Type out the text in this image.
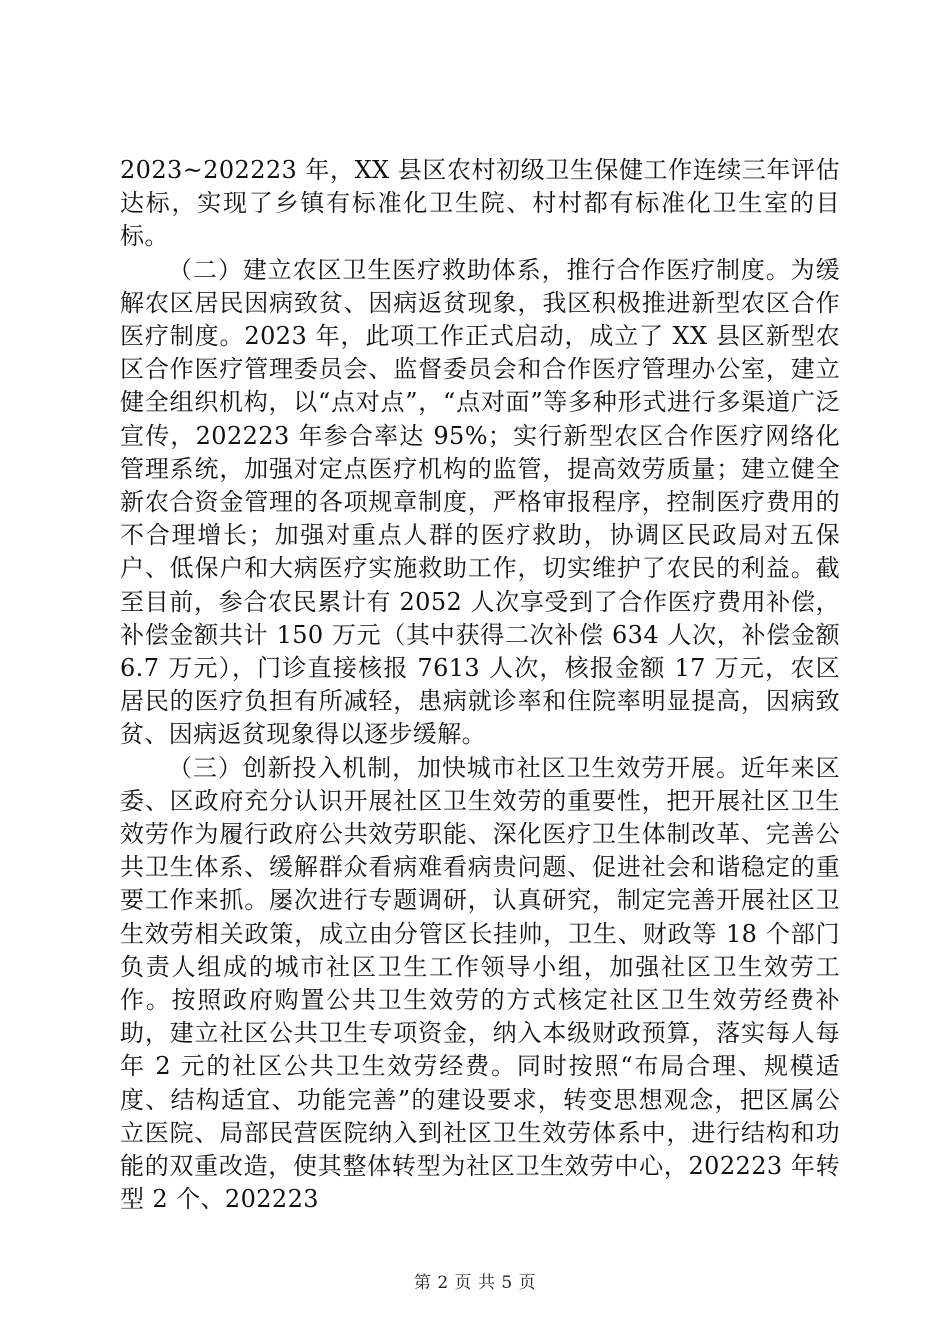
2023~202223 年，XX 县区农村初级卫生保健工作连续三年评估达标，实现了乡镇有标准化卫生院、村村都有标准化卫生室的目标。

（二）建立农区卫生医疗救助体系，推行合作医疗制度。为缓解农区居民因病致贫、因病返贫现象，我区积极推进新型农区合作医疗制度。2023 年，此项工作正式启动，成立了 XX 县区新型农区合作医疗管理委员会、监督委员会和合作医疗管理办公室，建立健全组织机构，以“点对点”，“点对面”等多种形式进行多渠道广泛宣传，202223 年参合率达 95%；实行新型农区合作医疗网络化管理系统，加强对定点医疗机构的监管，提高效劳质量；建立健全新农合资金管理的各项规章制度，严格审报程序，控制医疗费用的不合理增长；加强对重点人群的医疗救助，协调区民政局对五保户、低保户和大病医疗实施救助工作，切实维护了农民的利益。截至目前，参合农民累计有 2052 人次享受到了合作医疗费用补偿，补偿金额共计 150 万元（其中获得二次补偿 634 人次，补偿金额 6.7 万元），门诊直接核报 7613 人次，核报金额 17 万元，农区居民的医疗负担有所减轻，患病就诊率和住院率明显提高，因病致贫、因病返贫现象得以逐步缓解。

（三）创新投入机制，加快城市社区卫生效劳开展。近年来区委、区政府充分认识开展社区卫生效劳的重要性，把开展社区卫生效劳作为履行政府公共效劳职能、深化医疗卫生体制改革、完善公共卫生体系、缓解群众看病难看病贵问题、促进社会和谐稳定的重要工作来抓。屡次进行专题调研，认真研究，制定完善开展社区卫生效劳相关政策，成立由分管区长挂帅，卫生、财政等 18 个部门负责人组成的城市社区卫生工作领导小组，加强社区卫生效劳工作。按照政府购置公共卫生效劳的方式核定社区卫生效劳经费补助，建立社区公共卫生专项资金，纳入本级财政预算，落实每人每年 2 元的社区公共卫生效劳经费。同时按照“布局合理、规模适度、结构适宜、功能完善”的建设要求，转变思想观念，把区属公立医院、局部民营医院纳入到社区卫生效劳体系中，进行结构和功能的双重改造，使其整体转型为社区卫生效劳中心，202223 年转型 2 个、202223

第 2 页 共 5 页
